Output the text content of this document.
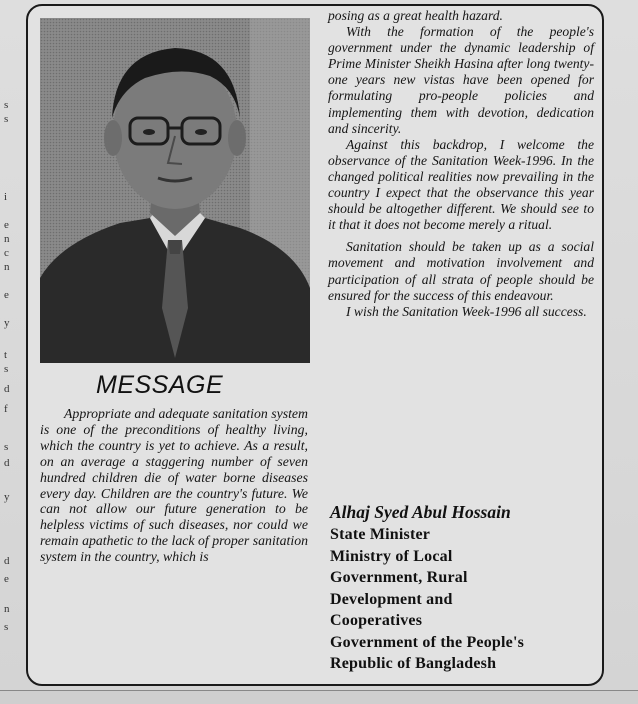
s
s
i
e
n
c
n
e
y
t
s
d
f
s
d
y
d
e
n
s
MESSAGE
Appropriate and adequate sanitation system is one of the preconditions of healthy living, which the country is yet to achieve. As a result, on an average a staggering number of seven hundred children die of water borne diseases every day. Children are the country's future. We can not allow our future generation to be helpless victims of such diseases, nor could we remain apathetic to the lack of proper sanitation system in the country, which is

posing as a great health hazard.

With the formation of the people's government under the dynamic leadership of Prime Minister Sheikh Hasina after long twenty-one years new vistas have been opened for formulating pro-people policies and implementing them with devotion, dedication and sincerity.

Against this backdrop, I welcome the observance of the Sanitation Week-1996. In the changed political realities now prevailing in the country I expect that the observance this year should be altogether different. We should see to it that it does not become merely a ritual.

Sanitation should be taken up as a social movement and motivation involvement and participation of all strata of people should be ensured for the success of this endeavour.

I wish the Sanitation Week-1996 all success.

Alhaj Syed Abul Hossain
State Minister
Ministry of Local
Government, Rural
Development and
Cooperatives
Government of the People's
Republic of Bangladesh
